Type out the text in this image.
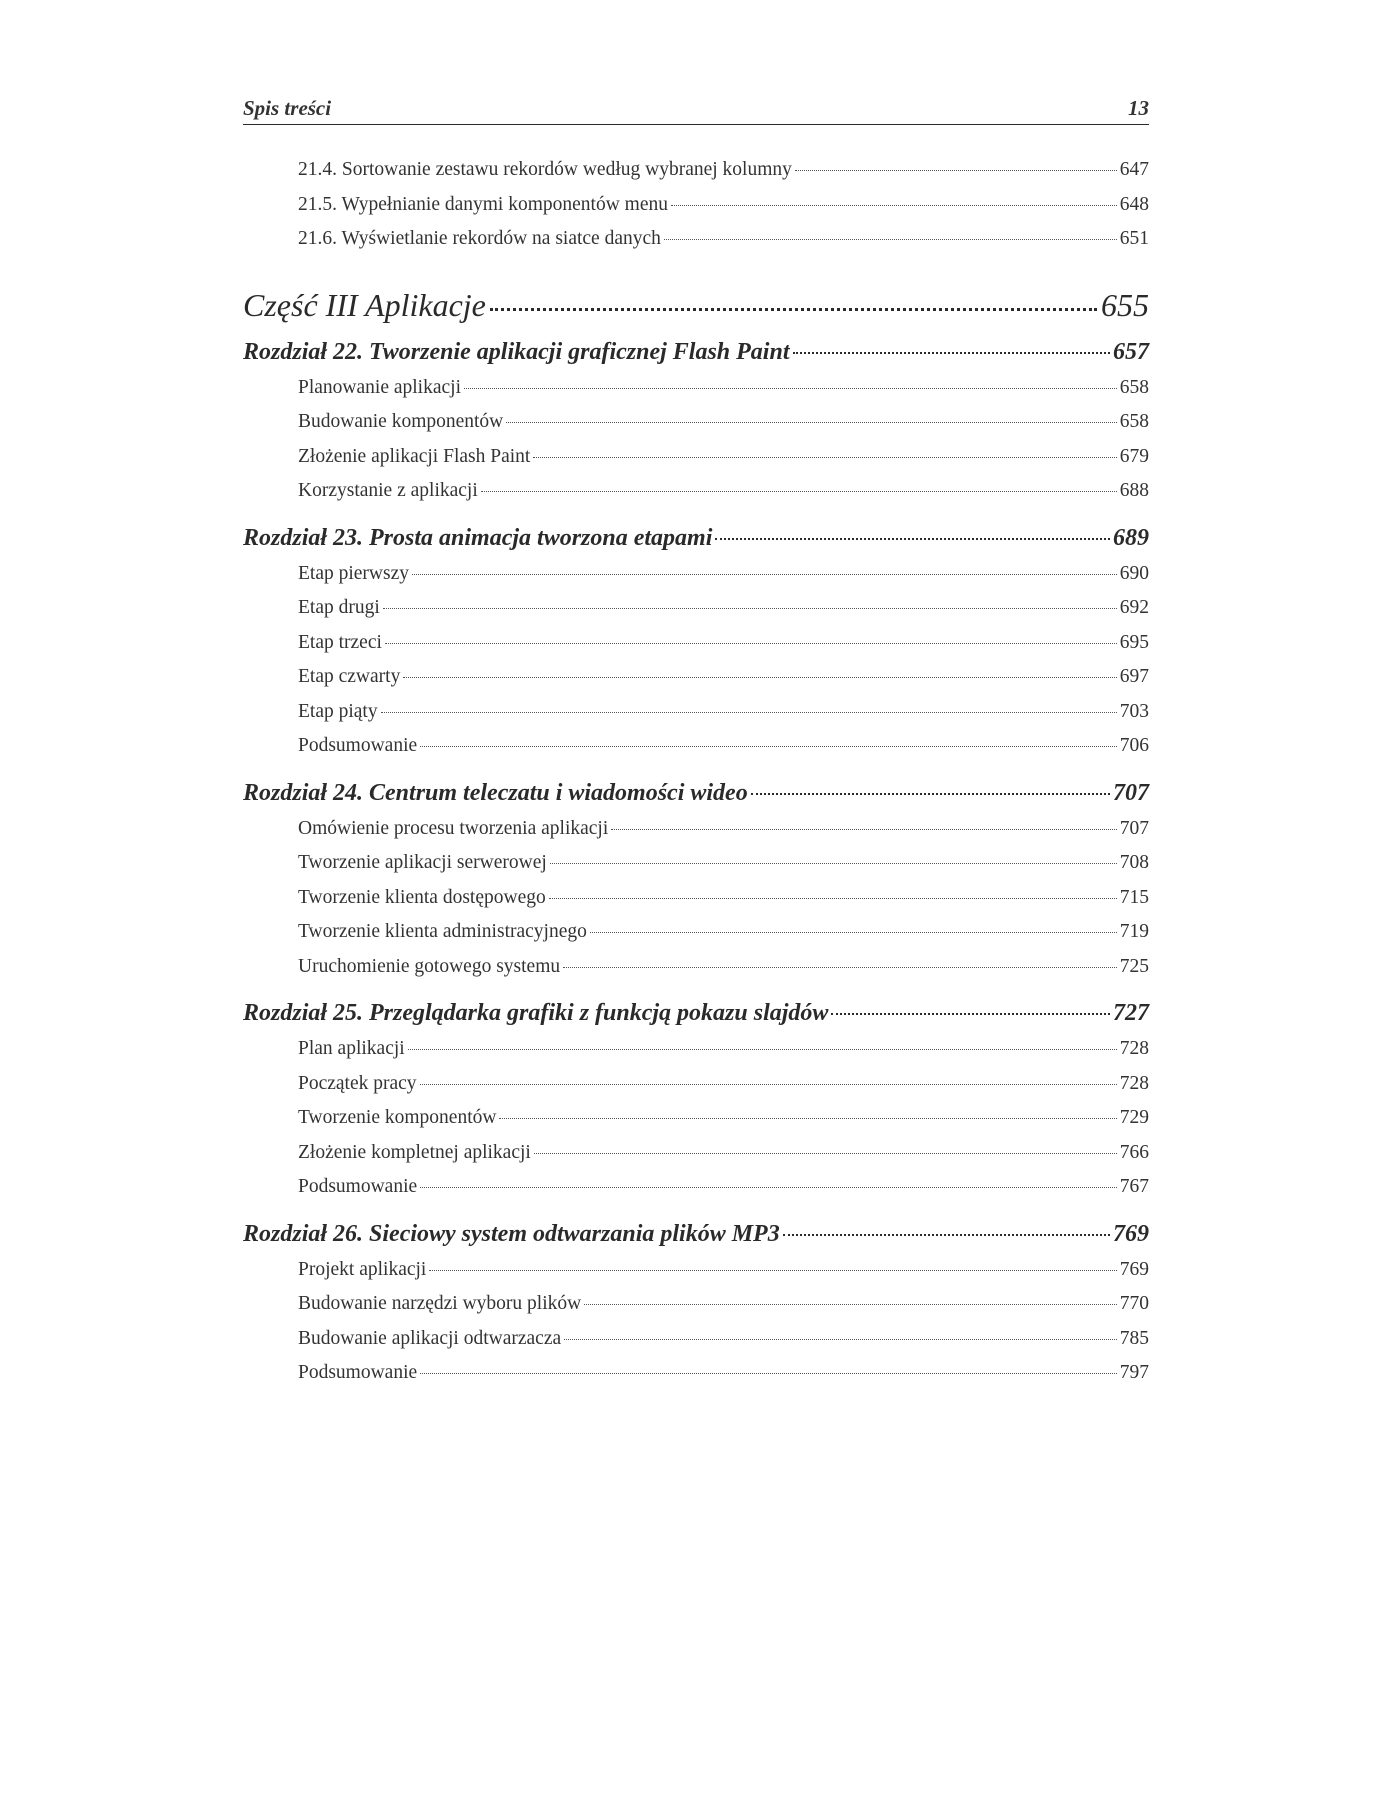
Spis treści	13
21.4. Sortowanie zestawu rekordów według wybranej kolumny	647
21.5. Wypełnianie danymi komponentów menu	648
21.6. Wyświetlanie rekordów na siatce danych	651
Część III Aplikacje	655
Rozdział 22. Tworzenie aplikacji graficznej Flash Paint	657
Planowanie aplikacji	658
Budowanie komponentów	658
Złożenie aplikacji Flash Paint	679
Korzystanie z aplikacji	688
Rozdział 23. Prosta animacja tworzona etapami	689
Etap pierwszy	690
Etap drugi	692
Etap trzeci	695
Etap czwarty	697
Etap piąty	703
Podsumowanie	706
Rozdział 24. Centrum teleczatu i wiadomości wideo	707
Omówienie procesu tworzenia aplikacji	707
Tworzenie aplikacji serwerowej	708
Tworzenie klienta dostępowego	715
Tworzenie klienta administracyjnego	719
Uruchomienie gotowego systemu	725
Rozdział 25. Przeglądarka grafiki z funkcją pokazu slajdów	727
Plan aplikacji	728
Początek pracy	728
Tworzenie komponentów	729
Złożenie kompletnej aplikacji	766
Podsumowanie	767
Rozdział 26. Sieciowy system odtwarzania plików MP3	769
Projekt aplikacji	769
Budowanie narzędzi wyboru plików	770
Budowanie aplikacji odtwarzacza	785
Podsumowanie	797
